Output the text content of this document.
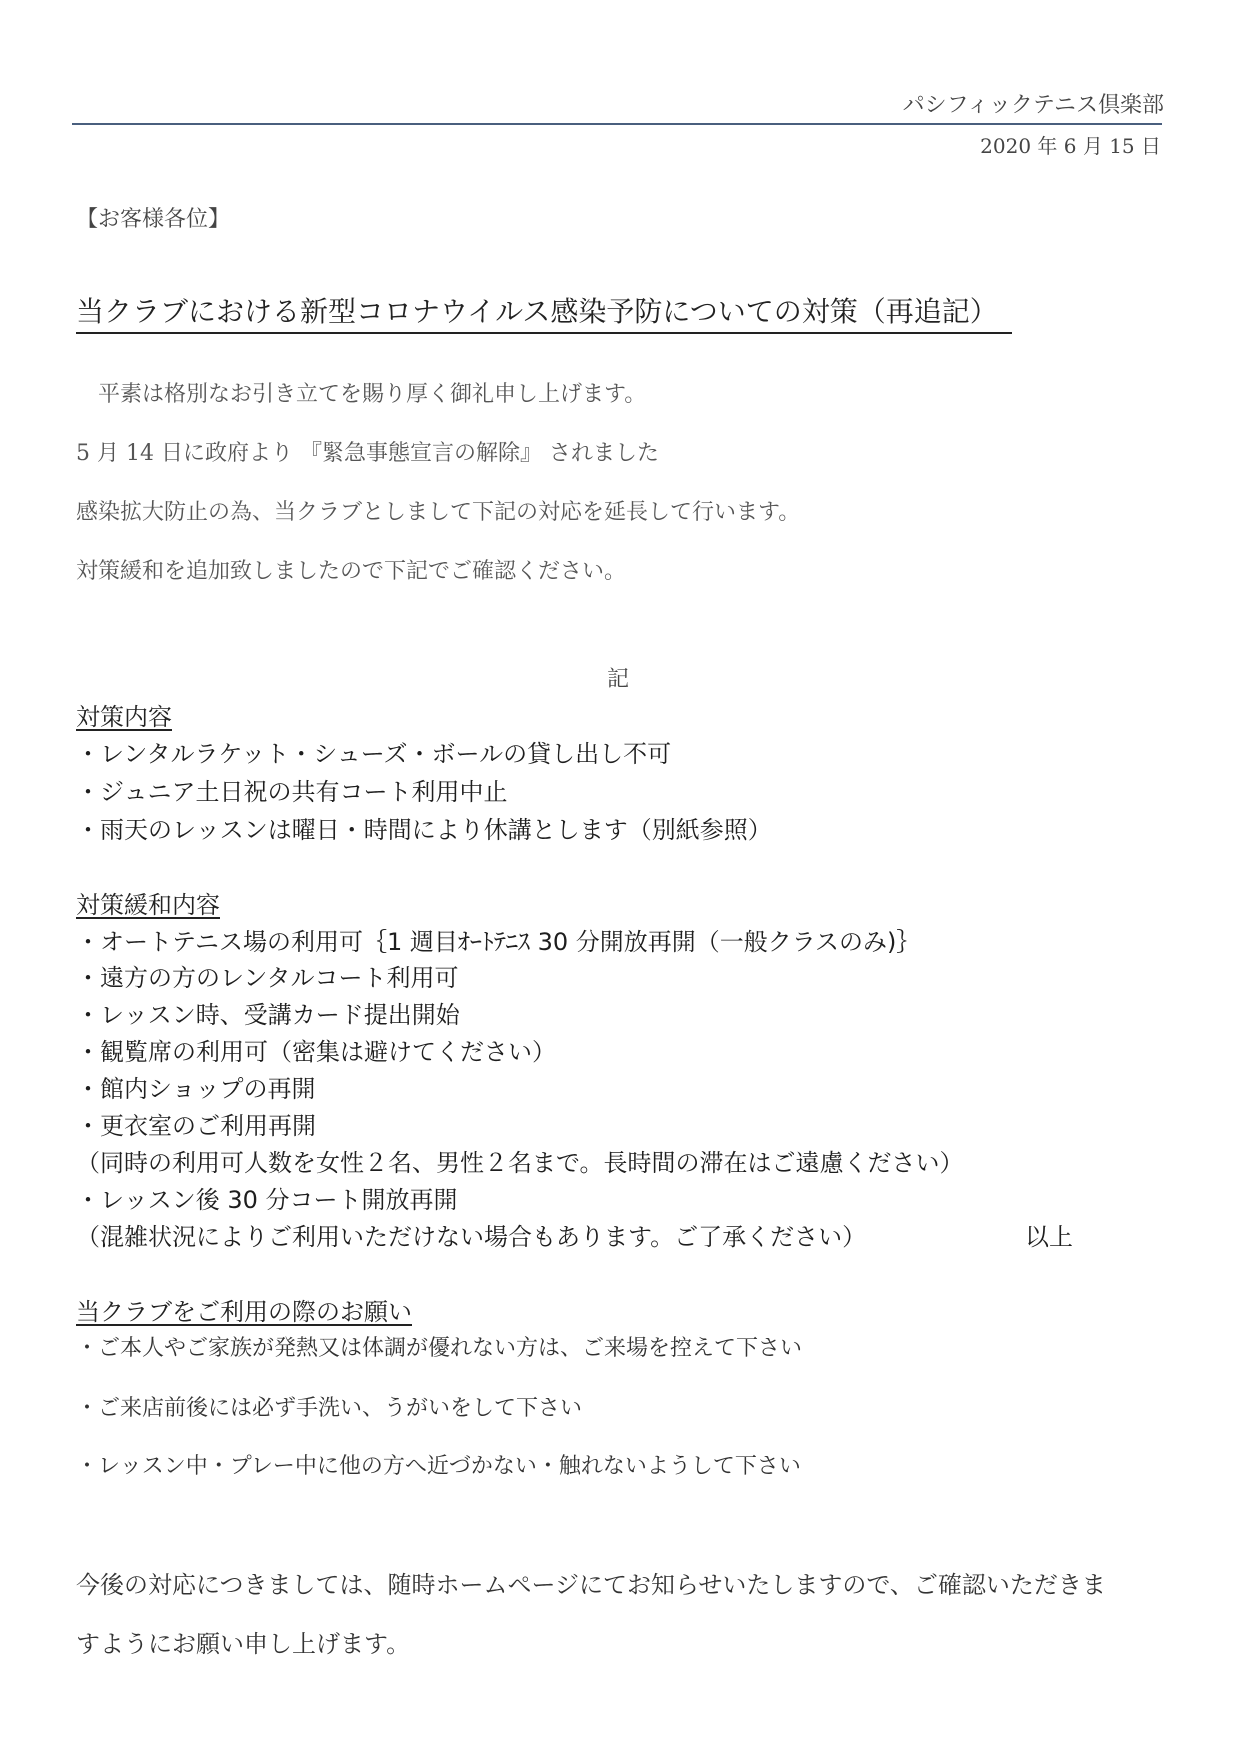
パシフィックテニス倶楽部
2020 年 6 月 15 日
【お客様各位】
当クラブにおける新型コロナウイルス感染予防についての対策（再追記）
　平素は格別なお引き立てを賜り厚く御礼申し上げます。
5 月 14 日に政府より 『緊急事態宣言の解除』 されました
感染拡大防止の為、当クラブとしまして下記の対応を延長して行います。
対策緩和を追加致しましたので下記でご確認ください。
記
対策内容
・レンタルラケット・シューズ・ボールの貸し出し不可
・ジュニア土日祝の共有コート利用中止
・雨天のレッスンは曜日・時間により休講とします（別紙参照）
対策緩和内容
・オートテニス場の利用可｛1 週目ｵｰﾄﾃﾆｽ 30 分開放再開（一般クラスのみ)｝
・遠方の方のレンタルコート利用可
・レッスン時、受講カード提出開始
・観覧席の利用可（密集は避けてください）
・館内ショップの再開
・更衣室のご利用再開
（同時の利用可人数を女性２名、男性２名まで。長時間の滞在はご遠慮ください）
・レッスン後 30 分コート開放再開
（混雑状況によりご利用いただけない場合もあります。ご了承ください）	以上
当クラブをご利用の際のお願い
・ご本人やご家族が発熱又は体調が優れない方は、ご来場を控えて下さい
・ご来店前後には必ず手洗い、うがいをして下さい
・レッスン中・プレー中に他の方へ近づかない・触れないようして下さい
今後の対応につきましては、随時ホームページにてお知らせいたしますので、ご確認いただきま
すようにお願い申し上げます。
